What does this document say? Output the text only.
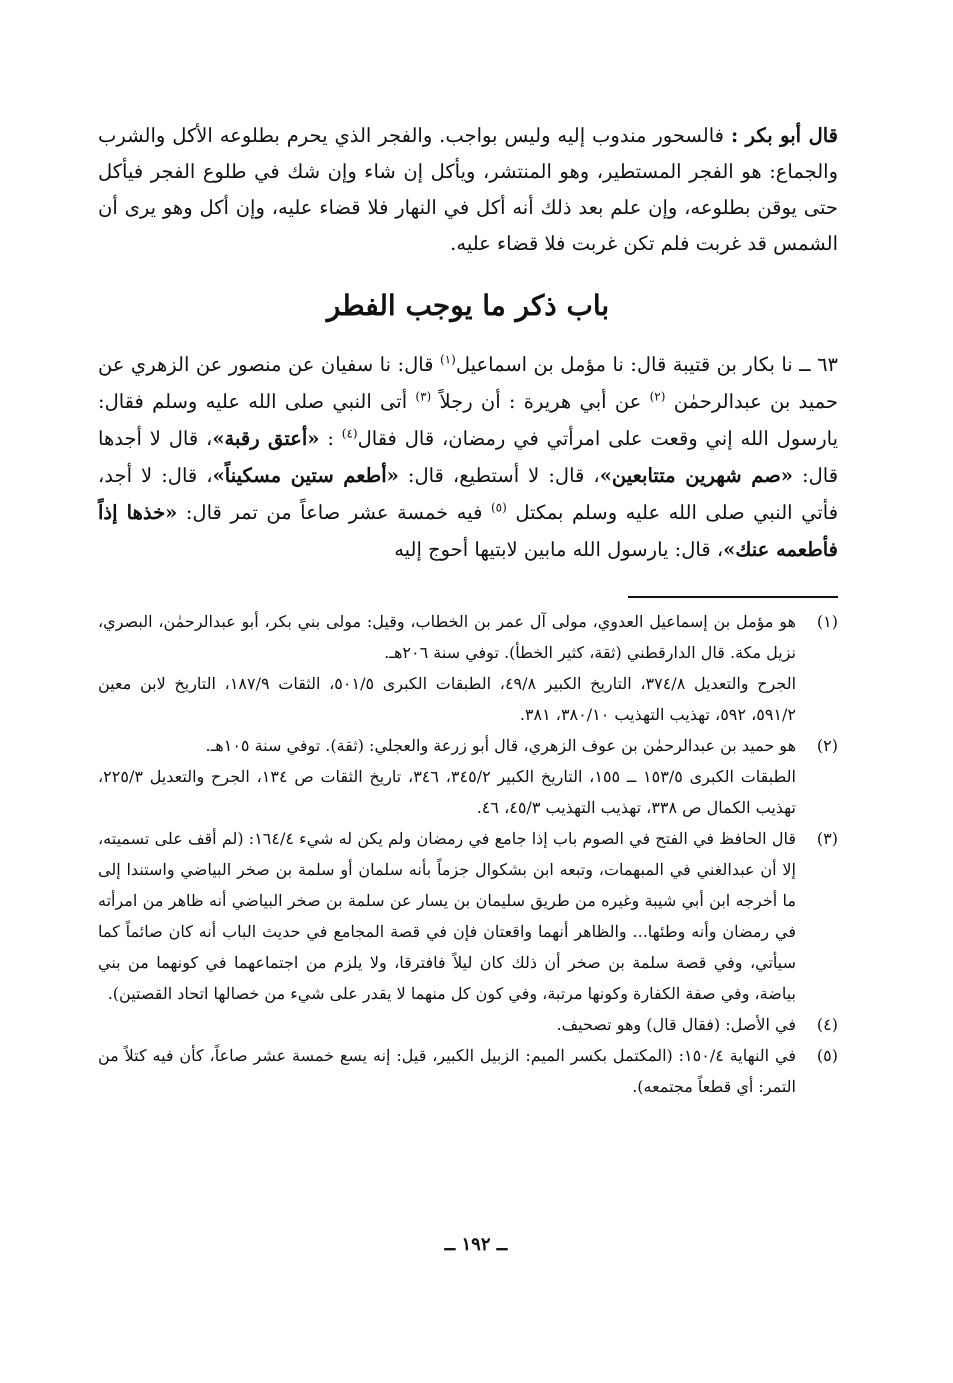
قال أبو بكر : فالسحور مندوب إليه وليس بواجب. والفجر الذي يحرم بطلوعه الأكل والشرب والجماع: هو الفجر المستطير، وهو المنتشر، ويأكل إن شاء وإن شك في طلوع الفجر فيأكل حتى يوقن بطلوعه، وإن علم بعد ذلك أنه أكل في النهار فلا قضاء عليه، وإن أكل وهو يرى أن الشمس قد غربت فلم تكن غربت فلا قضاء عليه.

باب ذكر ما يوجب الفطر

٦٣ ــ نا بكار بن قتيبة قال: نا مؤمل بن اسماعيل$^{(١)}$ قال: نا سفيان عن منصور عن الزهري عن حميد بن عبدالرحمٰن $^{(٢)}$ عن أبي هريرة : أن رجلاً $^{(٣)}$ أتى النبي صلى الله عليه وسلم فقال: يارسول الله إني وقعت على امرأتي في رمضان، قال فقال$^{(٤)}$ : «أعتق رقبة»، قال لا أجدها قال: «صم شهرين متتابعين»، قال: لا أستطيع، قال: «أطعم ستين مسكيناً»، قال: لا أجد، فأتي النبي صلى الله عليه وسلم بمكتل $^{(٥)}$ فيه خمسة عشر صاعاً من تمر قال: «خذها إذاً فأطعمه عنك»، قال: يارسول الله مابين لابتيها أحوج إليه

(١)
هو مؤمل بن إسماعيل العدوي، مولى آل عمر بن الخطاب، وقيل: مولى بني بكر، أبو عبدالرحمٰن، البصري، نزيل مكة. قال الدارقطني (ثقة، كثير الخطأ). توفي سنة ٢٠٦هـ.
الجرح والتعديل ٣٧٤/٨، التاريخ الكبير ٤٩/٨، الطبقات الكبرى ٥٠١/٥، الثقات ١٨٧/٩، التاريخ لابن معين ٥٩١/٢، ٥٩٢، تهذيب التهذيب ٣٨٠/١٠، ٣٨١.
(٢)
هو حميد بن عبدالرحمٰن بن عوف الزهري، قال أبو زرعة والعجلي: (ثقة). توفي سنة ١٠٥هـ.
الطبقات الكبرى ١٥٣/٥ ــ ١٥٥، التاريخ الكبير ٣٤٥/٢، ٣٤٦، تاريخ الثقات ص ١٣٤، الجرح والتعديل ٢٢٥/٣، تهذيب الكمال ص ٣٣٨، تهذيب التهذيب ٤٥/٣، ٤٦.
(٣)
قال الحافظ في الفتح في الصوم باب إذا جامع في رمضان ولم يكن له شيء ١٦٤/٤: (لم أقف على تسميته، إلا أن عبدالغني في المبهمات، وتبعه ابن بشكوال جزماً بأنه سلمان أو سلمة بن صخر البياضي واستندا إلى ما أخرجه ابن أبي شيبة وغيره من طريق سليمان بن يسار عن سلمة بن صخر البياضي أنه ظاهر من امرأته في رمضان وأنه وطئها... والظاهر أنهما واقعتان فإن في قصة المجامع في حديث الباب أنه كان صائماً كما سيأتي، وفي قصة سلمة بن صخر أن ذلك كان ليلاً فافترقا، ولا يلزم من اجتماعهما في كونهما من بني بياضة، وفي صفة الكفارة وكونها مرتبة، وفي كون كل منهما لا يقدر على شيء من خصالها اتحاد القصتين).
(٤)
في الأصل: (فقال قال) وهو تصحيف.
(٥)
في النهاية ١٥٠/٤: (المكتمل بكسر الميم: الزبيل الكبير، قيل: إنه يسع خمسة عشر صاعاً، كأن فيه كتلاً من التمر: أي قطعاً مجتمعه).
ــ ١٩٢ ــ
